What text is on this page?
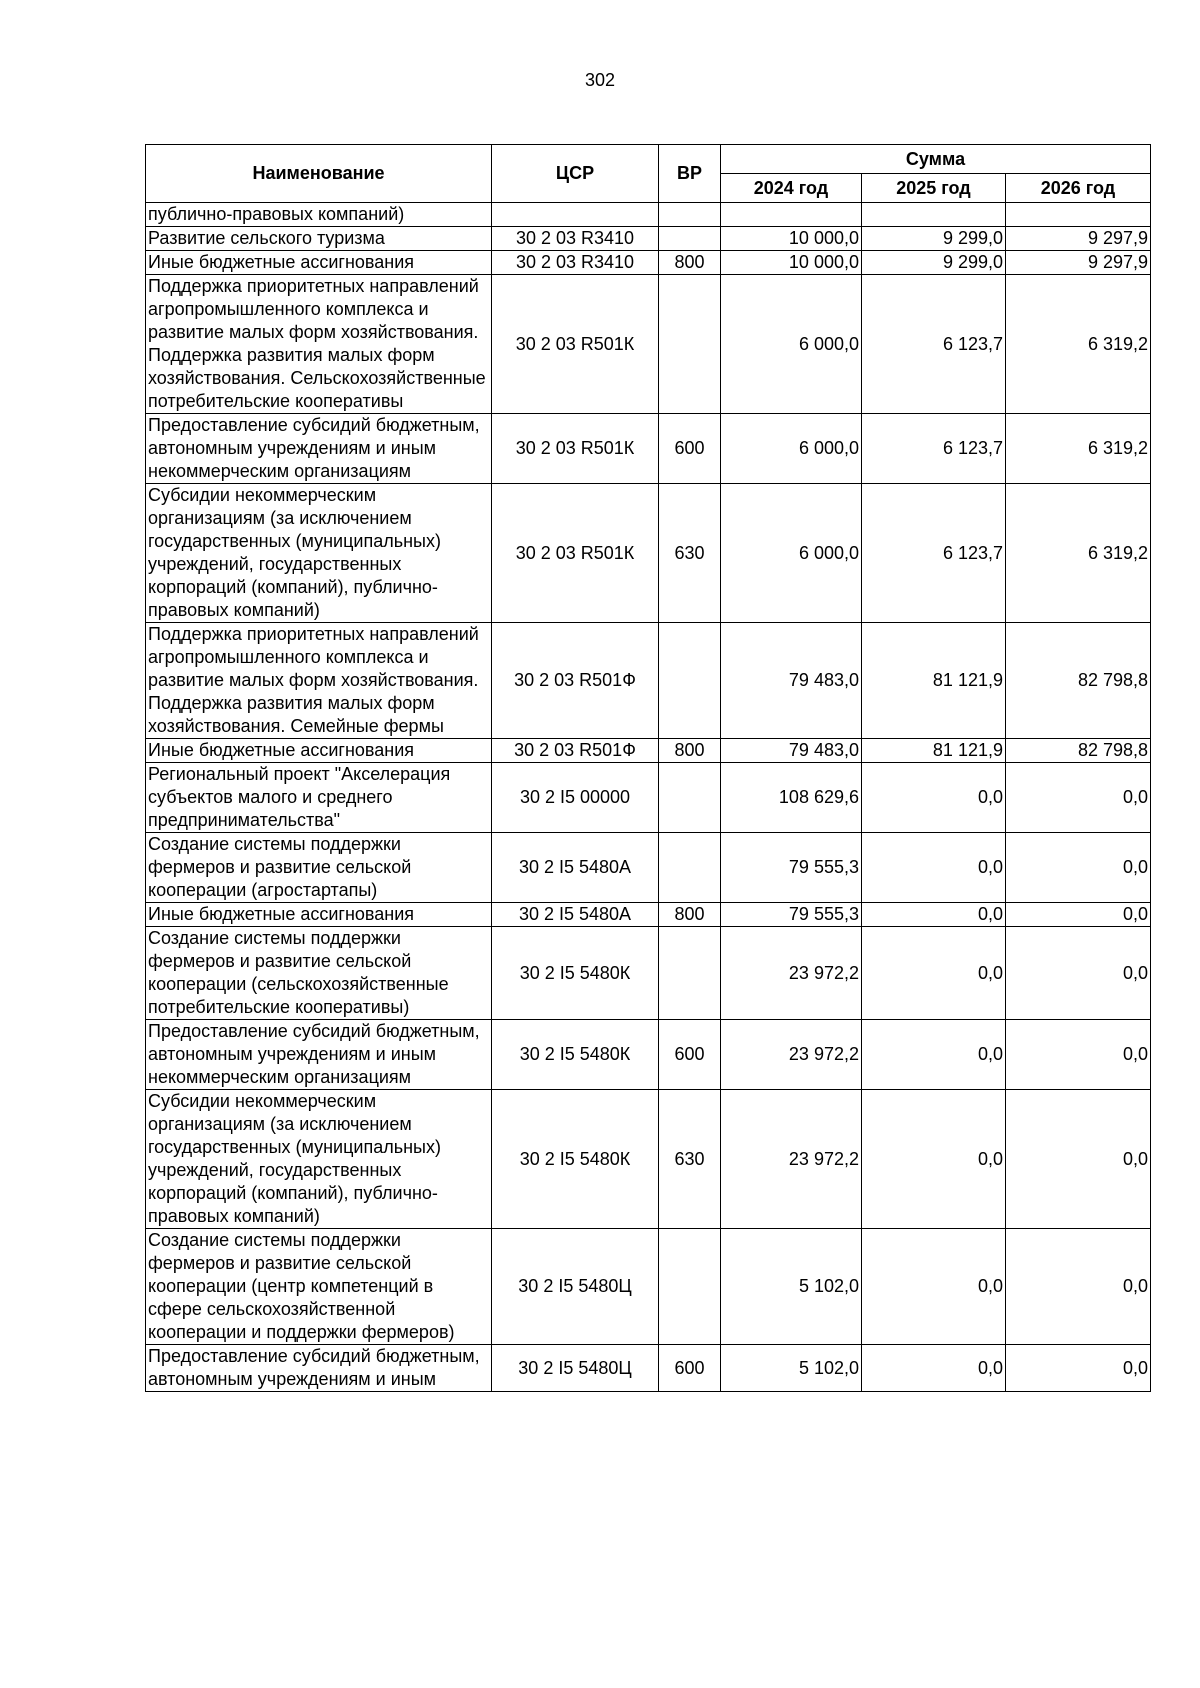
302
Наименование	ЦСР	ВР	Сумма		
			2024 год	2025 год	2026 год
публично-правовых компаний)					
Развитие сельского туризма	30 2 03 R3410		10 000,0	9 299,0	9 297,9
Иные бюджетные ассигнования	30 2 03 R3410	800	10 000,0	9 299,0	9 297,9
Поддержка приоритетных направлений агропромышленного комплекса и развитие малых форм хозяйствования. Поддержка развития малых форм хозяйствования. Сельскохозяйственные потребительские кооперативы	30 2 03 R501К		6 000,0	6 123,7	6 319,2
Предоставление субсидий бюджетным, автономным учреждениям и иным некоммерческим организациям	30 2 03 R501К	600	6 000,0	6 123,7	6 319,2
Субсидии некоммерческим организациям (за исключением государственных (муниципальных) учреждений, государственных корпораций (компаний), публично-правовых компаний)	30 2 03 R501К	630	6 000,0	6 123,7	6 319,2
Поддержка приоритетных направлений агропромышленного комплекса и развитие малых форм хозяйствования. Поддержка развития малых форм хозяйствования. Семейные фермы	30 2 03 R501Ф		79 483,0	81 121,9	82 798,8
Иные бюджетные ассигнования	30 2 03 R501Ф	800	79 483,0	81 121,9	82 798,8
Региональный проект "Акселерация субъектов малого и среднего предпринимательства"	30 2 I5 00000		108 629,6	0,0	0,0
Создание системы поддержки фермеров и развитие сельской кооперации (агростартапы)	30 2 I5 5480А		79 555,3	0,0	0,0
Иные бюджетные ассигнования	30 2 I5 5480А	800	79 555,3	0,0	0,0
Создание системы поддержки фермеров и развитие сельской кооперации (сельскохозяйственные потребительские кооперативы)	30 2 I5 5480К		23 972,2	0,0	0,0
Предоставление субсидий бюджетным, автономным учреждениям и иным некоммерческим организациям	30 2 I5 5480К	600	23 972,2	0,0	0,0
Субсидии некоммерческим организациям (за исключением государственных (муниципальных) учреждений, государственных корпораций (компаний), публично-правовых компаний)	30 2 I5 5480К	630	23 972,2	0,0	0,0
Создание системы поддержки фермеров и развитие сельской кооперации (центр компетенций в сфере сельскохозяйственной кооперации и поддержки фермеров)	30 2 I5 5480Ц		5 102,0	0,0	0,0
Предоставление субсидий бюджетным, автономным учреждениям и иным	30 2 I5 5480Ц	600	5 102,0	0,0	0,0
